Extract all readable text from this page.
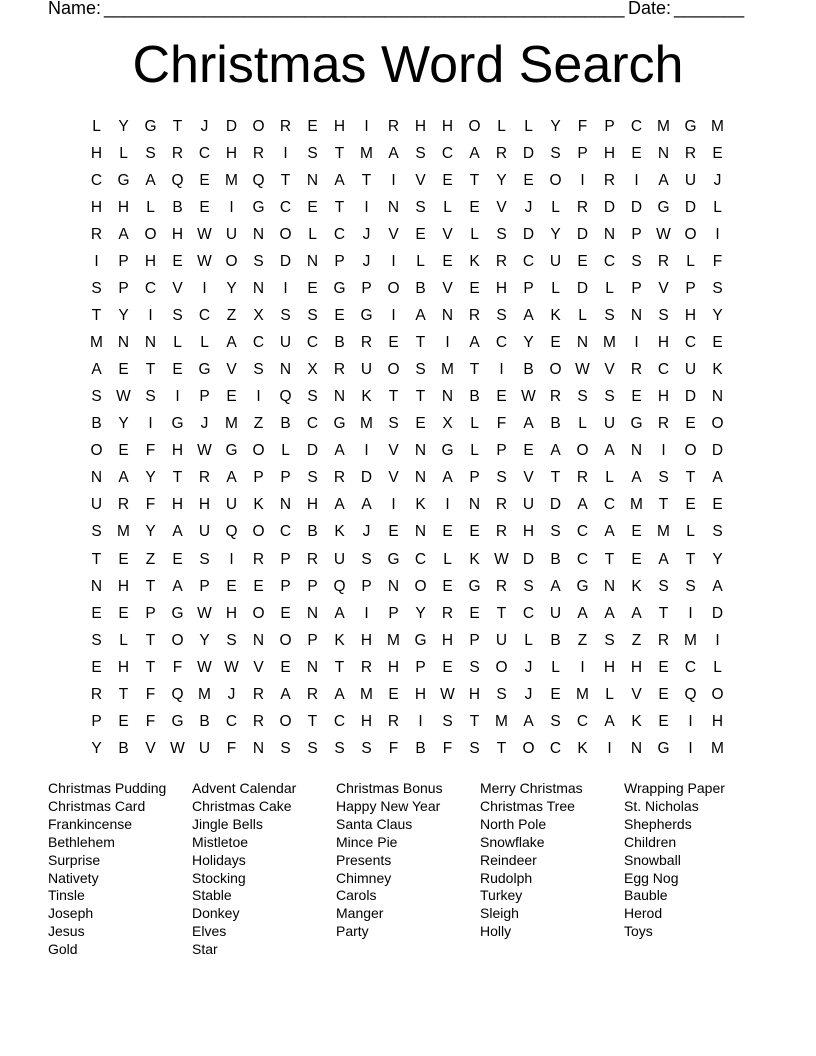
Name: ____________________________________________________ Date: _______
Christmas Word Search
L	Y	G	T	J	D O R	E	H	I	R	H	H O	L	L	Y	F	P	C M G M
H	L	S	R	C	H	R	I	S	T	M A	S	C	A	R	D	S	P	H	E	N	R	E
C G	A	Q	E M Q	T	N	A	T	I	V	E	T	Y	E	O	I	R	I	A	U	J
H	H	L	B	E	I	G C	E	T	I	N	S	L	E	V	J	L	R	D	D G D	L
R	A	O H W U	N O	L	C	J	V	E	V	L	S	D	Y	D	N	P W O	I
I	P	H	E W O	S	D	N	P	J	I	L	E	K	R	C	U	E	C	S	R	L	F
S	P	C	V	I	Y	N	I	E	G	P	O	B	V	E	H	P	L	D	L	P	V	P	S
T	Y	I	S	C	Z	X	S	S	E	G	I	A	N	R	S	A	K	L	S	N	S	H	Y
M N	N	L	L	A	C	U	C	B	R	E	T	I	A	C	Y	E	N M	I	H	C	E
A	E	T	E	G	V	S	N	X	R	U O	S M	T	I	B	O W V	R	C	U	K
S W S	I	P	E	I	Q	S	N	K	T	T	N	B	E W R	S	S	E	H	D	N
B	Y	I	G	J	M	Z	B	C G M S	E	X	L	F	A	B	L	U G R	E	O
O	E	F	H W G O	L	D	A	I	V	N G	L	P	E	A	O	A	N	I	O D
N	A	Y	T	R	A	P	P	S	R	D	V	N	A	P	S	V	T	R	L	A	S	T	A
U	R	F	H	H	U	K	N	H	A	A	I	K	I	N	R	U	D	A	C M	T	E	E
S M Y	A	U Q O C	B	K	J	E	N	E	E	R	H	S	C	A	E M	L	S
T	E	Z	E	S	I	R	P	R	U	S	G C	L	K W D	B	C	T	E	A	T	Y
N	H	T	A	P	E	E	P	P	Q	P	N O	E	G R	S	A	G N	K	S	S	A
E	E	P	G W H O	E	N	A	I	P	Y	R	E	T	C	U	A	A	A	T	I	D
S	L	T	O	Y	S	N O	P	K	H M G H	P	U	L	B	Z	S	Z	R M	I
E	H	T	F W W V	E	N	T	R	H	P	E	S	O	J	L	I	H	H	E	C	L
R	T	F	Q M	J	R	A	R	A M E	H W H	S	J	E M	L	V	E	Q O
P	E	F	G	B	C	R O	T	C	H	R	I	S	T	M A	S	C	A	K	E	I	H
Y	B	V W U	F	N	S	S	S	S	F	B	F	S	T	O C	K	I	N G	I	M
Christmas Pudding
Christmas Card
Frankincense
Bethlehem
Surprise
Nativety
Tinsle
Joseph
Jesus
Gold
Advent Calendar
Christmas Cake
Jingle Bells
Mistletoe
Holidays
Stocking
Stable
Donkey
Elves
Star
Christmas Bonus
Happy New Year
Santa Claus
Mince Pie
Presents
Chimney
Carols
Manger
Party
Merry Christmas
Christmas Tree
North Pole
Snowflake
Reindeer
Rudolph
Turkey
Sleigh
Holly
Wrapping Paper
St. Nicholas
Shepherds
Children
Snowball
Egg Nog
Bauble
Herod
Toys
